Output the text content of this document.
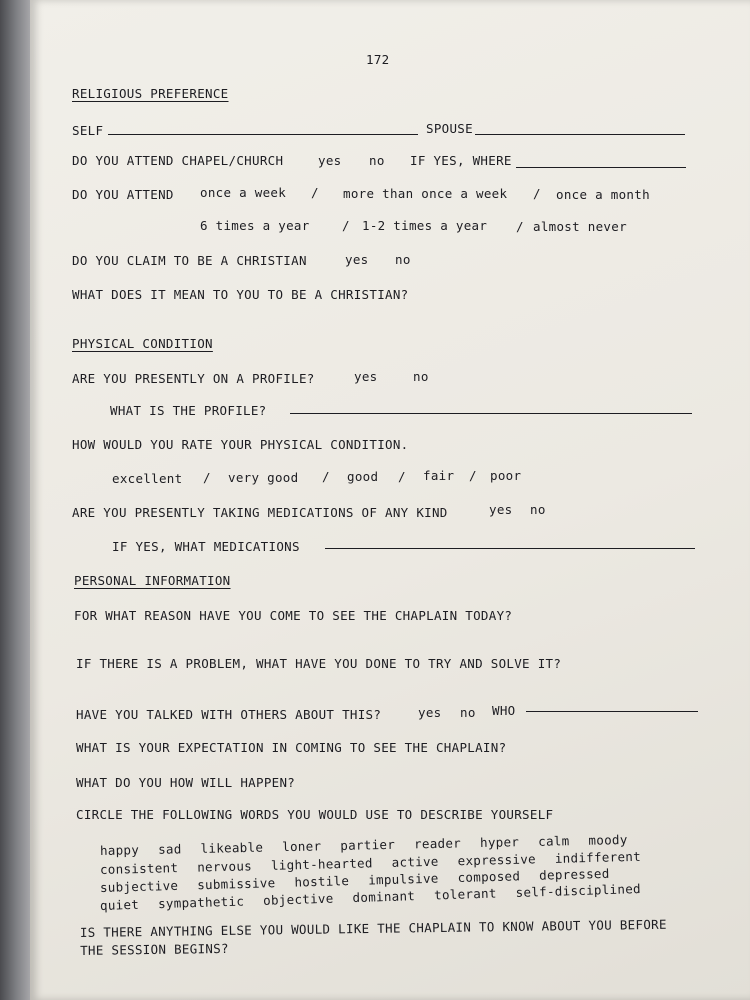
172
RELIGIOUS PREFERENCE
SELF	SPOUSE
DO YOU ATTEND CHAPEL/CHURCH	yes no IF YES, WHERE
DO YOU ATTEND once a week / more than once a week / once a month
6 times a year	/ 1-2 times a year / almost never
DO YOU CLAIM TO BE A CHRISTIAN	yes no
WHAT DOES IT MEAN TO YOU TO BE A CHRISTIAN?
PHYSICAL CONDITION
ARE YOU PRESENTLY ON A PROFILE?	yes	no
WHAT IS THE PROFILE?
HOW WOULD YOU RATE YOUR PHYSICAL CONDITION.
excellent / very good / good / fair / poor
ARE YOU PRESENTLY TAKING MEDICATIONS OF ANY KIND	yes no
IF YES, WHAT MEDICATIONS
PERSONAL INFORMATION
FOR WHAT REASON HAVE YOU COME TO SEE THE CHAPLAIN TODAY?
IF THERE IS A PROBLEM, WHAT HAVE YOU DONE TO TRY AND SOLVE IT?
HAVE YOU TALKED WITH OTHERS ABOUT THIS?	yes no WHO
WHAT IS YOUR EXPECTATION IN COMING TO SEE THE CHAPLAIN?
WHAT DO YOU HOW WILL HAPPEN?
CIRCLE THE FOLLOWING WORDS YOU WOULD USE TO DESCRIBE YOURSELF
happy sad likeable loner partier reader hyper calm moody
consistent nervous light-hearted active expressive indifferent
subjective submissive hostile impulsive composed depressed
quiet sympathetic objective dominant tolerant self-disciplined
IS THERE ANYTHING ELSE YOU WOULD LIKE THE CHAPLAIN TO KNOW ABOUT YOU BEFORE
THE SESSION BEGINS?
